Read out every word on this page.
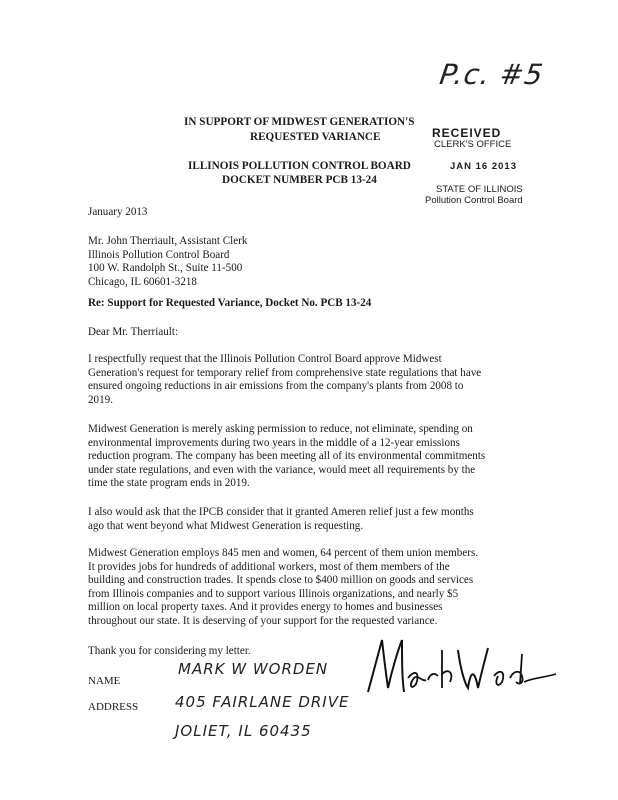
P.c. #5
IN SUPPORT OF MIDWEST GENERATION'S
REQUESTED VARIANCE
ILLINOIS POLLUTION CONTROL BOARD
DOCKET NUMBER PCB 13-24
RECEIVED
CLERK'S OFFICE
JAN 16 2013
STATE OF ILLINOIS
Pollution Control Board
January 2013
Mr. John Therriault, Assistant Clerk
Illinois Pollution Control Board
100 W. Randolph St., Suite 11-500
Chicago, IL 60601-3218
Re: Support for Requested Variance, Docket No. PCB 13-24
Dear Mr. Therriault:
I respectfully request that the Illinois Pollution Control Board approve Midwest
Generation's request for temporary relief from comprehensive state regulations that have
ensured ongoing reductions in air emissions from the company's plants from 2008 to
2019.
Midwest Generation is merely asking permission to reduce, not eliminate, spending on
environmental improvements during two years in the middle of a 12-year emissions
reduction program. The company has been meeting all of its environmental commitments
under state regulations, and even with the variance, would meet all requirements by the
time the state program ends in 2019.
I also would ask that the IPCB consider that it granted Ameren relief just a few months
ago that went beyond what Midwest Generation is requesting.
Midwest Generation employs 845 men and women, 64 percent of them union members.
It provides jobs for hundreds of additional workers, most of them members of the
building and construction trades. It spends close to $400 million on goods and services
from Illinois companies and to support various Illinois organizations, and nearly $5
million on local property taxes. And it provides energy to homes and businesses
throughout our state. It is deserving of your support for the requested variance.
Thank you for considering my letter.
NAME
MARK W WORDEN
ADDRESS 405 FAIRLANE DRIVE
JOLIET, IL 60435
